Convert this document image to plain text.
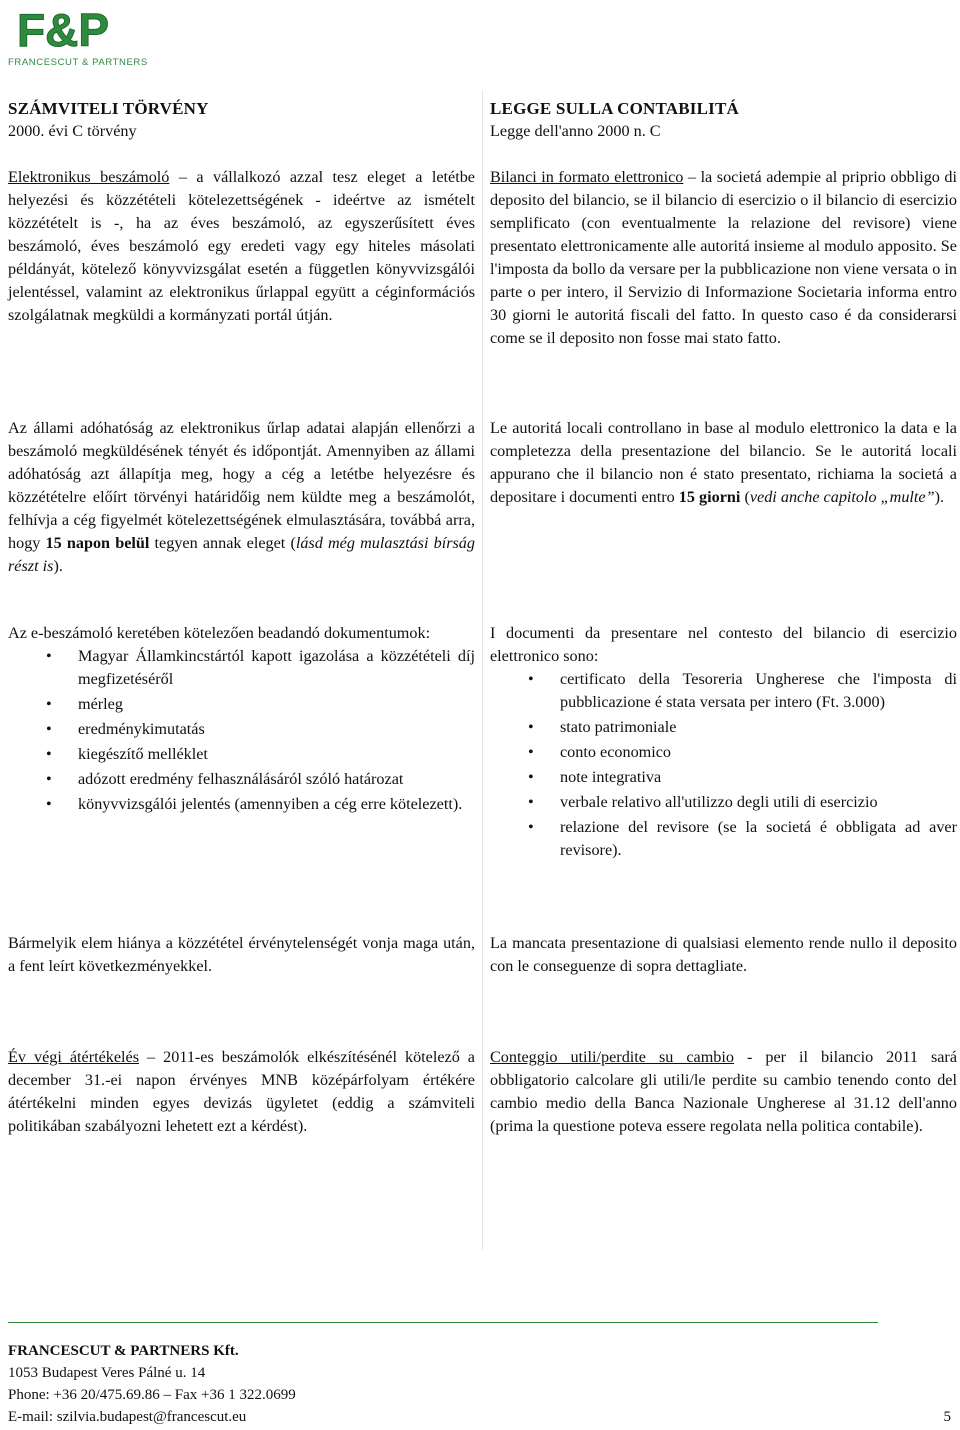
F&P
FRANCESCUT & PARTNERS
SZÁMVITELI TÖRVÉNY
2000. évi C törvény
Elektronikus beszámoló – a vállalkozó azzal tesz eleget a letétbe helyezési és közzétételi kötelezettségének - ideértve az ismételt közzétételt is -, ha az éves beszámoló, az egyszerűsített éves beszámoló, éves beszámoló egy eredeti vagy egy hiteles másolati példányát, kötelező könyvvizsgálat esetén a független könyvvizsgálói jelentéssel, valamint az elektronikus űrlappal együtt a céginformációs szolgálatnak megküldi a kormányzati portál útján.
Az állami adóhatóság az elektronikus űrlap adatai alapján ellenőrzi a beszámoló megküldésének tényét és időpontját. Amennyiben az állami adóhatóság azt állapítja meg, hogy a cég a letétbe helyezésre és közzétételre előírt törvényi határidőig nem küldte meg a beszámolót, felhívja a cég figyelmét kötelezettségének elmulasztására, továbbá arra, hogy 15 napon belül tegyen annak eleget (lásd még mulasztási bírság részt is).
Az e-beszámoló keretében kötelezően beadandó dokumentumok:
• Magyar Államkincstártól kapott igazolása a közzétételi díj megfizetéséről
• mérleg
• eredménykimutatás
• kiegészítő melléklet
• adózott eredmény felhasználásáról szóló határozat
• könyvvizsgálói jelentés (amennyiben a cég erre kötelezett).
Bármelyik elem hiánya a közzététel érvénytelenségét vonja maga után, a fent leírt következményekkel.
Év végi átértékelés – 2011-es beszámolók elkészítésénél kötelező a december 31.-ei napon érvényes MNB középárfolyam értékére átértékelni minden egyes devizás ügyletet (eddig a számviteli politikában szabályozni lehetett ezt a kérdést).
LEGGE SULLA CONTABILITÁ
Legge dell'anno 2000 n. C
Bilanci in formato elettronico – la societá adempie al priprio obbligo di deposito del bilancio, se il bilancio di esercizio o il bilancio di esercizio semplificato (con eventualmente la relazione del revisore) viene presentato elettronicamente alle autoritá insieme al modulo apposito. Se l'imposta da bollo da versare per la pubblicazione non viene versata o in parte o per intero, il Servizio di Informazione Societaria informa entro 30 giorni le autoritá fiscali del fatto. In questo caso é da considerarsi come se il deposito non fosse mai stato fatto.
Le autoritá locali controllano in base al modulo elettronico la data e la completezza della presentazione del bilancio. Se le autoritá locali appurano che il bilancio non é stato presentato, richiama la societá a depositare i documenti entro 15 giorni (vedi anche capitolo „multe”).
I documenti da presentare nel contesto del bilancio di esercizio elettronico sono:
• certificato della Tesoreria Ungherese che l'imposta di pubblicazione é stata versata per intero (Ft. 3.000)
• stato patrimoniale
• conto economico
• note integrativa
• verbale relativo all'utilizzo degli utili di esercizio
• relazione del revisore (se la societá é obbligata ad aver revisore).
La mancata presentazione di qualsiasi elemento rende nullo il deposito con le conseguenze di sopra dettagliate.
Conteggio utili/perdite su cambio - per il bilancio 2011 sará obbligatorio calcolare gli utili/le perdite su cambio tenendo conto del cambio medio della Banca Nazionale Ungherese al 31.12 dell'anno (prima la questione poteva essere regolata nella politica contabile).
FRANCESCUT & PARTNERS Kft.
1053 Budapest Veres Pálné u. 14
Phone: +36 20/475.69.86 – Fax +36 1 322.0699
E-mail: szilvia.budapest@francescut.eu	5
